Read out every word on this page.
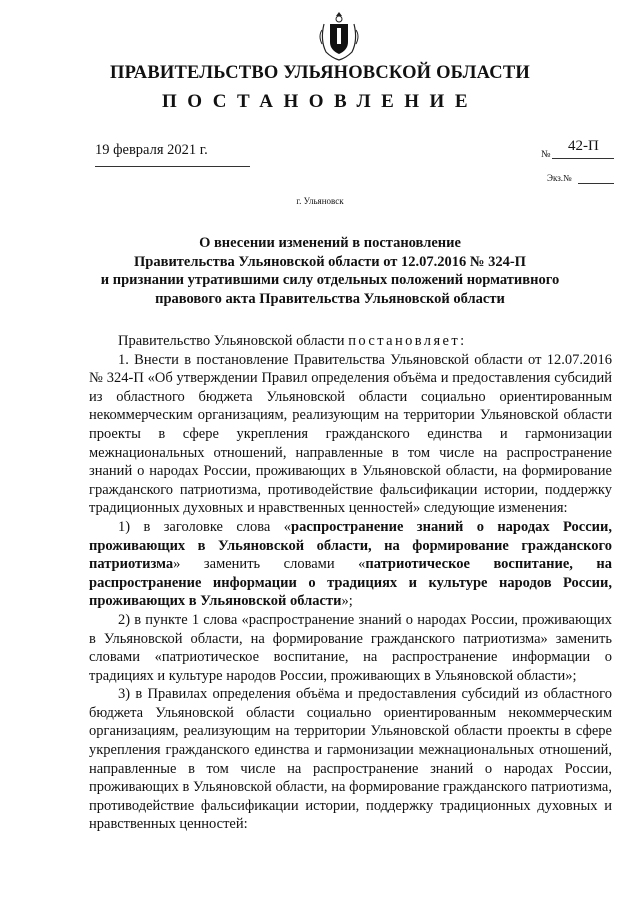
ПРАВИТЕЛЬСТВО УЛЬЯНОВСКОЙ ОБЛАСТИ
ПОСТАНОВЛЕНИЕ
19 февраля 2021 г.	№
42-П
Экз.№
г. Ульяновск
О внесении изменений в постановление
Правительства Ульяновской области от 12.07.2016 № 324-П
и признании утратившими силу отдельных положений нормативного
правового акта Правительства Ульяновской области

Правительство Ульяновской области постановляет:

1. Внести в постановление Правительства Ульяновской области от 12.07.2016 № 324-П «Об утверждении Правил определения объёма и предоставления субсидий из областного бюджета Ульяновской области социально ориентированным некоммерческим организациям, реализующим на территории Ульяновской области проекты в сфере укрепления гражданского единства и гармонизации межнациональных отношений, направленные в том числе на распространение знаний о народах России, проживающих в Ульяновской области, на формирование гражданского патриотизма, противодействие фальсификации истории, поддержку традиционных духовных и нравственных ценностей» следующие изменения:

1) в заголовке слова «распространение знаний о народах России, проживающих в Ульяновской области, на формирование гражданского патриотизма» заменить словами «патриотическое воспитание, на распространение информации о традициях и культуре народов России, проживающих в Ульяновской области»;

2) в пункте 1 слова «распространение знаний о народах России, проживающих в Ульяновской области, на формирование гражданского патриотизма» заменить словами «патриотическое воспитание, на распространение информации о традициях и культуре народов России, проживающих в Ульяновской области»;

3) в Правилах определения объёма и предоставления субсидий из областного бюджета Ульяновской области социально ориентированным некоммерческим организациям, реализующим на территории Ульяновской области проекты в сфере укрепления гражданского единства и гармонизации межнациональных отношений, направленные в том числе на распространение знаний о народах России, проживающих в Ульяновской области, на формирование гражданского патриотизма, противодействие фальсификации истории, поддержку традиционных духовных и нравственных ценностей:
